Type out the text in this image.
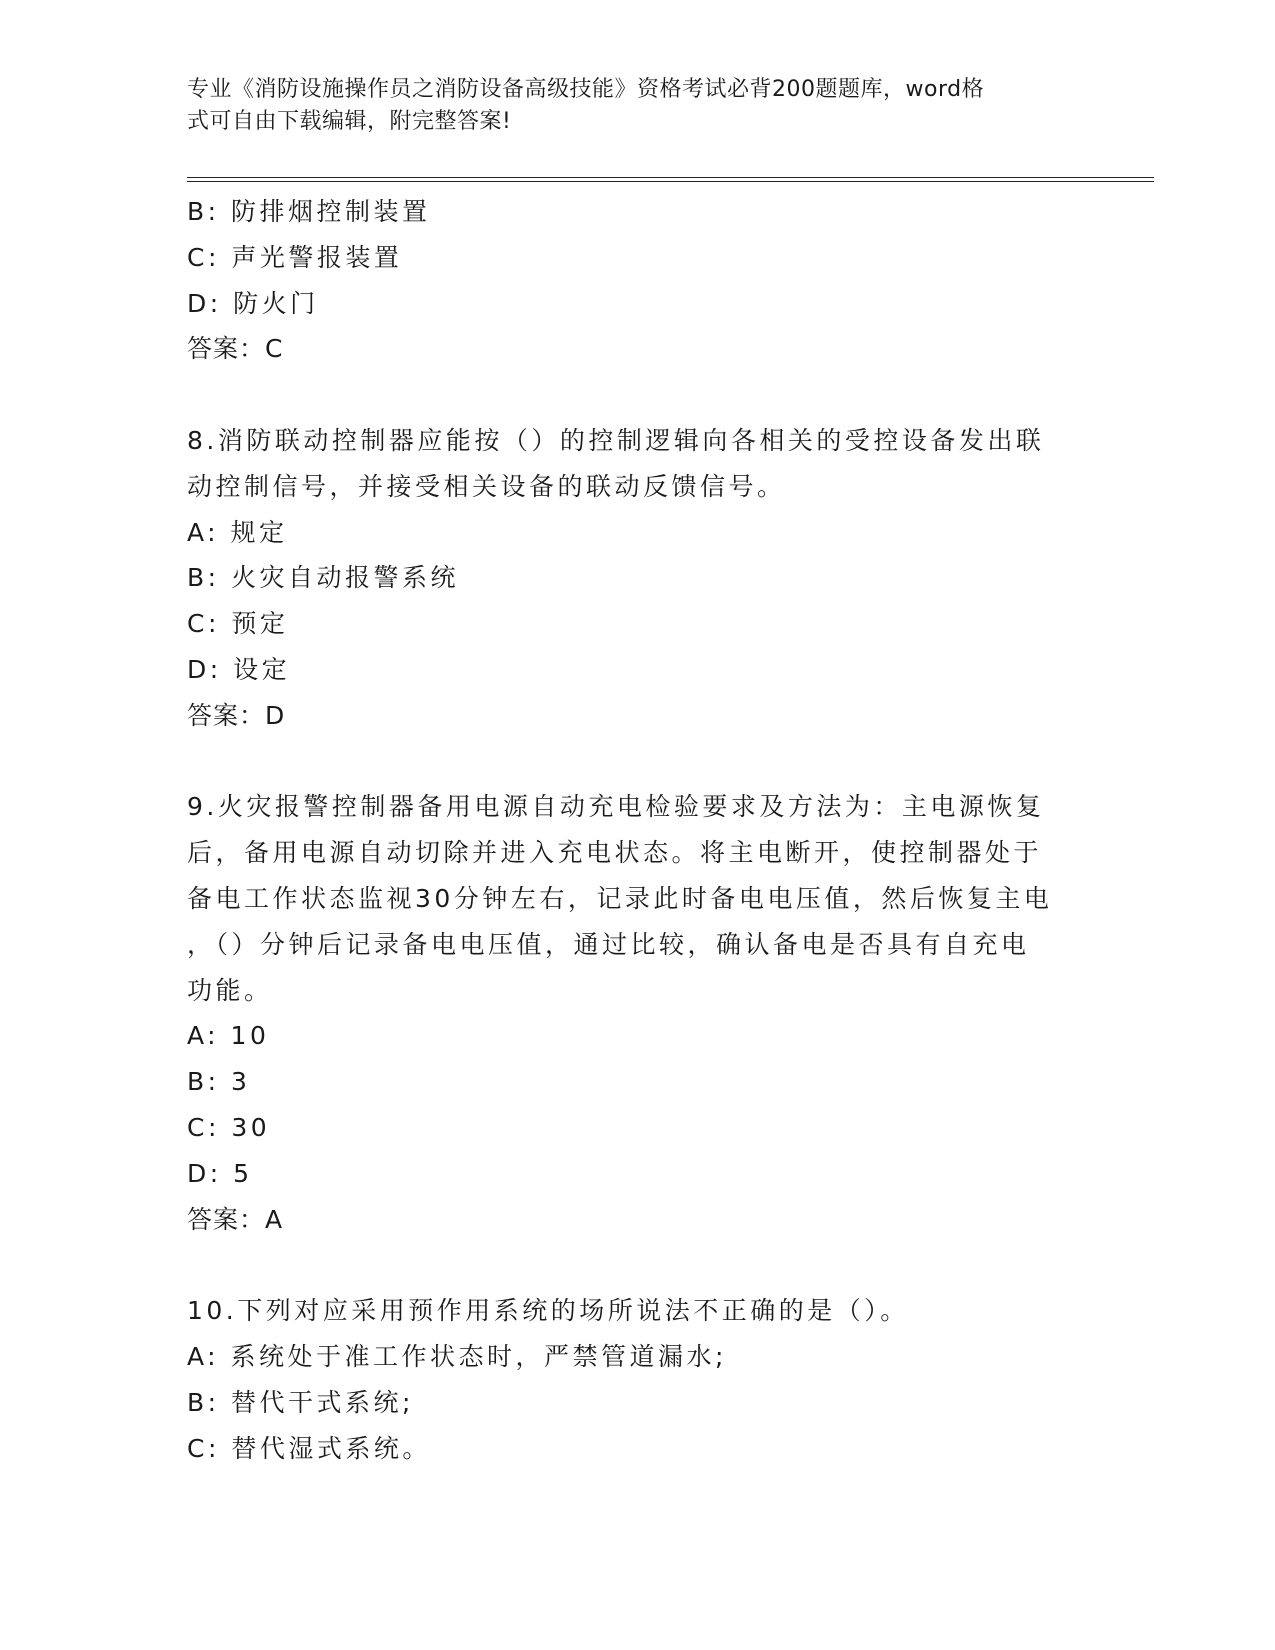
专业《消防设施操作员之消防设备高级技能》资格考试必背200题题库，word格
式可自由下载编辑，附完整答案!
B: 防排烟控制装置
C: 声光警报装置
D: 防火门
答案：C
8.消防联动控制器应能按（）的控制逻辑向各相关的受控设备发出联
动控制信号，并接受相关设备的联动反馈信号。
A: 规定
B: 火灾自动报警系统
C: 预定
D: 设定
答案：D
9.火灾报警控制器备用电源自动充电检验要求及方法为：主电源恢复
后，备用电源自动切除并进入充电状态。将主电断开，使控制器处于
备电工作状态监视30分钟左右，记录此时备电电压值，然后恢复主电
，（）分钟后记录备电电压值，通过比较，确认备电是否具有自充电
功能。
A: 10
B: 3
C: 30
D: 5
答案：A
10.下列对应采用预作用系统的场所说法不正确的是（）。
A: 系统处于准工作状态时，严禁管道漏水;
B: 替代干式系统;
C: 替代湿式系统。
